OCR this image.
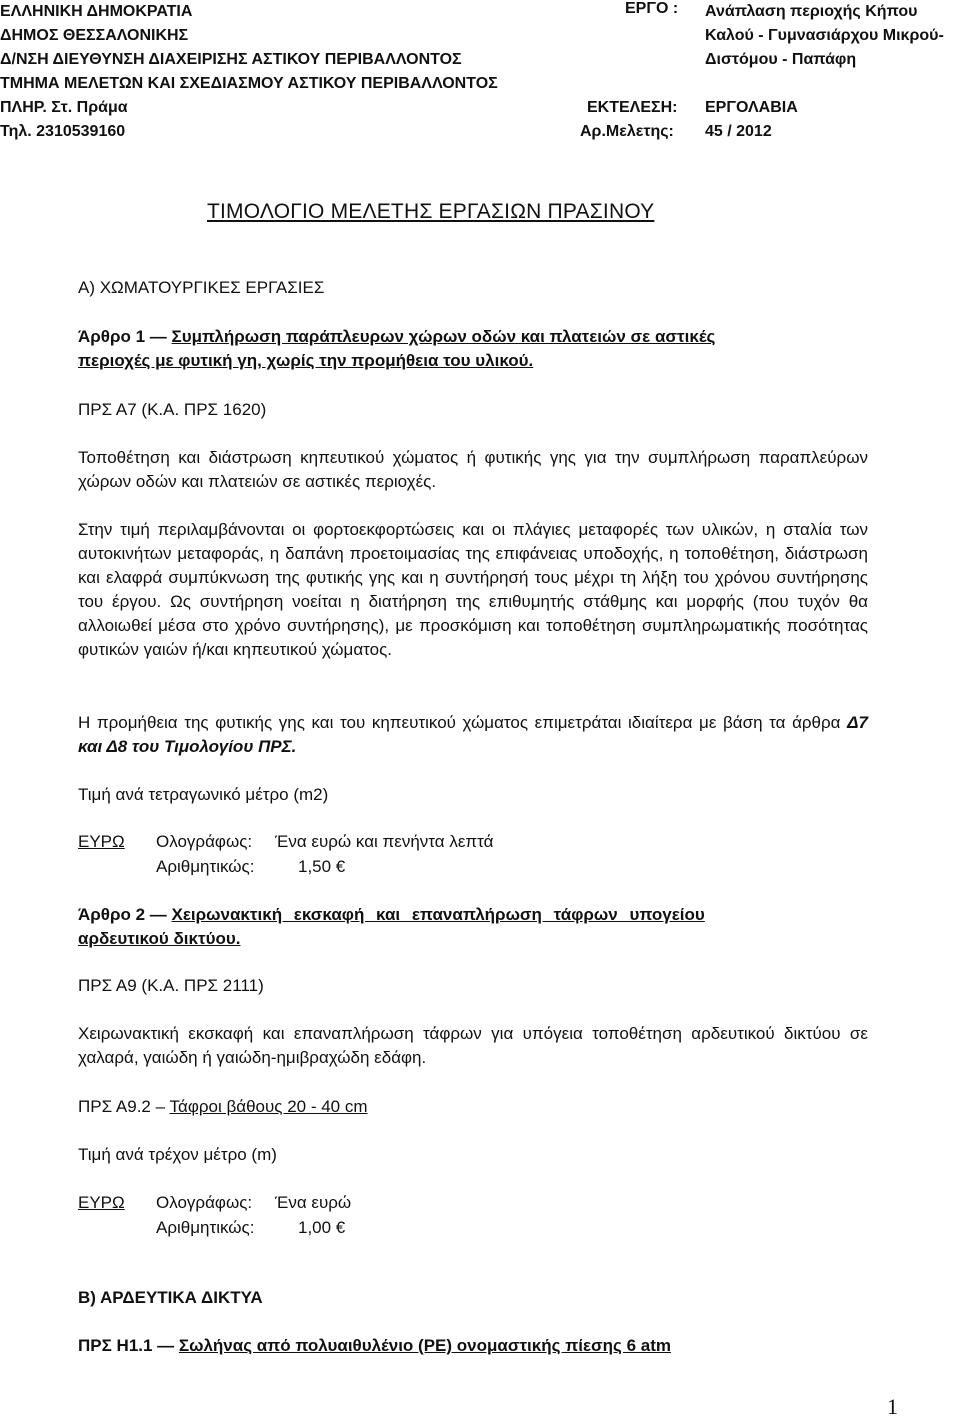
ΕΛΛΗΝΙΚΗ ΔΗΜΟΚΡΑΤΙΑ
ΔΗΜΟΣ ΘΕΣΣΑΛΟΝΙΚΗΣ
Δ/ΝΣΗ ΔΙΕΥΘΥΝΣΗ ΔΙΑΧΕΙΡΙΣΗΣ ΑΣΤΙΚΟΥ ΠΕΡΙΒΑΛΛΟΝΤΟΣ
ΤΜΗΜΑ ΜΕΛΕΤΩΝ ΚΑΙ ΣΧΕΔΙΑΣΜΟΥ ΑΣΤΙΚΟΥ ΠΕΡΙΒΑΛΛΟΝΤΟΣ
ΠΛΗΡ. Στ. Πράμα
Τηλ. 2310539160
ΕΡΓΟ : Ανάπλαση περιοχής Κήπου
Καλού - Γυμνασιάρχου Μικρού-
Διστόμου - Παπάφη
ΕΚΤΕΛΕΣΗ: ΕΡΓΟΛΑΒΙΑ
Αρ.Μελετης: 45 / 2012
ΤΙΜΟΛΟΓΙΟ ΜΕΛΕΤΗΣ ΕΡΓΑΣΙΩΝ ΠΡΑΣΙΝΟΥ
Α) ΧΩΜΑΤΟΥΡΓΙΚΕΣ ΕΡΓΑΣΙΕΣ
Άρθρο 1 — Συμπλήρωση παράπλευρων χώρων οδών και πλατειών σε αστικές
περιοχές με φυτική γη, χωρίς την προμήθεια του υλικού.
ΠΡΣ Α7 (Κ.Α. ΠΡΣ 1620)

Τοποθέτηση και διάστρωση κηπευτικού χώματος ή φυτικής γης για την συμπλήρωση παραπλεύρων χώρων οδών και πλατειών σε αστικές περιοχές.

Στην τιμή περιλαμβάνονται οι φορτοεκφορτώσεις και οι πλάγιες μεταφορές των υλικών, η σταλία των αυτοκινήτων μεταφοράς, η δαπάνη προετοιμασίας της επιφάνειας υποδοχής, η τοποθέτηση, διάστρωση και ελαφρά συμπύκνωση της φυτικής γης και η συντήρησή τους μέχρι τη λήξη του χρόνου συντήρησης του έργου. Ως συντήρηση νοείται η διατήρηση της επιθυμητής στάθμης και μορφής (που τυχόν θα αλλοιωθεί μέσα στο χρόνο συντήρησης), με προσκόμιση και τοποθέτηση συμπληρωματικής ποσότητας φυτικών γαιών ή/και κηπευτικού χώματος.

Η προμήθεια της φυτικής γης και του κηπευτικού χώματος επιμετράται ιδιαίτερα με βάση τα άρθρα Δ7 και Δ8 του Τιμολογίου ΠΡΣ.

Τιμή ανά τετραγωνικό μέτρο (m2)
ΕΥΡΩ Ολογράφως: Ένα ευρώ και πενήντα λεπτά
Αριθμητικώς:	1,50 €
Άρθρο 2 — Χειρωνακτική εκσκαφή και επαναπλήρωση τάφρων υπογείου
αρδευτικού δικτύου.
ΠΡΣ Α9 (Κ.Α. ΠΡΣ 2111)

Χειρωνακτική εκσκαφή και επαναπλήρωση τάφρων για υπόγεια τοποθέτηση αρδευτικού δικτύου σε χαλαρά, γαιώδη ή γαιώδη-ημιβραχώδη εδάφη.

ΠΡΣ Α9.2 – Τάφροι βάθους 20 - 40 cm
Τιμή ανά τρέχον μέτρο (m)
ΕΥΡΩ Ολογράφως: Ένα ευρώ
Αριθμητικώς:	1,00 €
Β) ΑΡΔΕΥΤΙΚΑ ΔΙΚΤΥΑ
ΠΡΣ Η1.1 — Σωλήνας από πολυαιθυλένιο (PE) ονομαστικής πίεσης 6 atm
1
